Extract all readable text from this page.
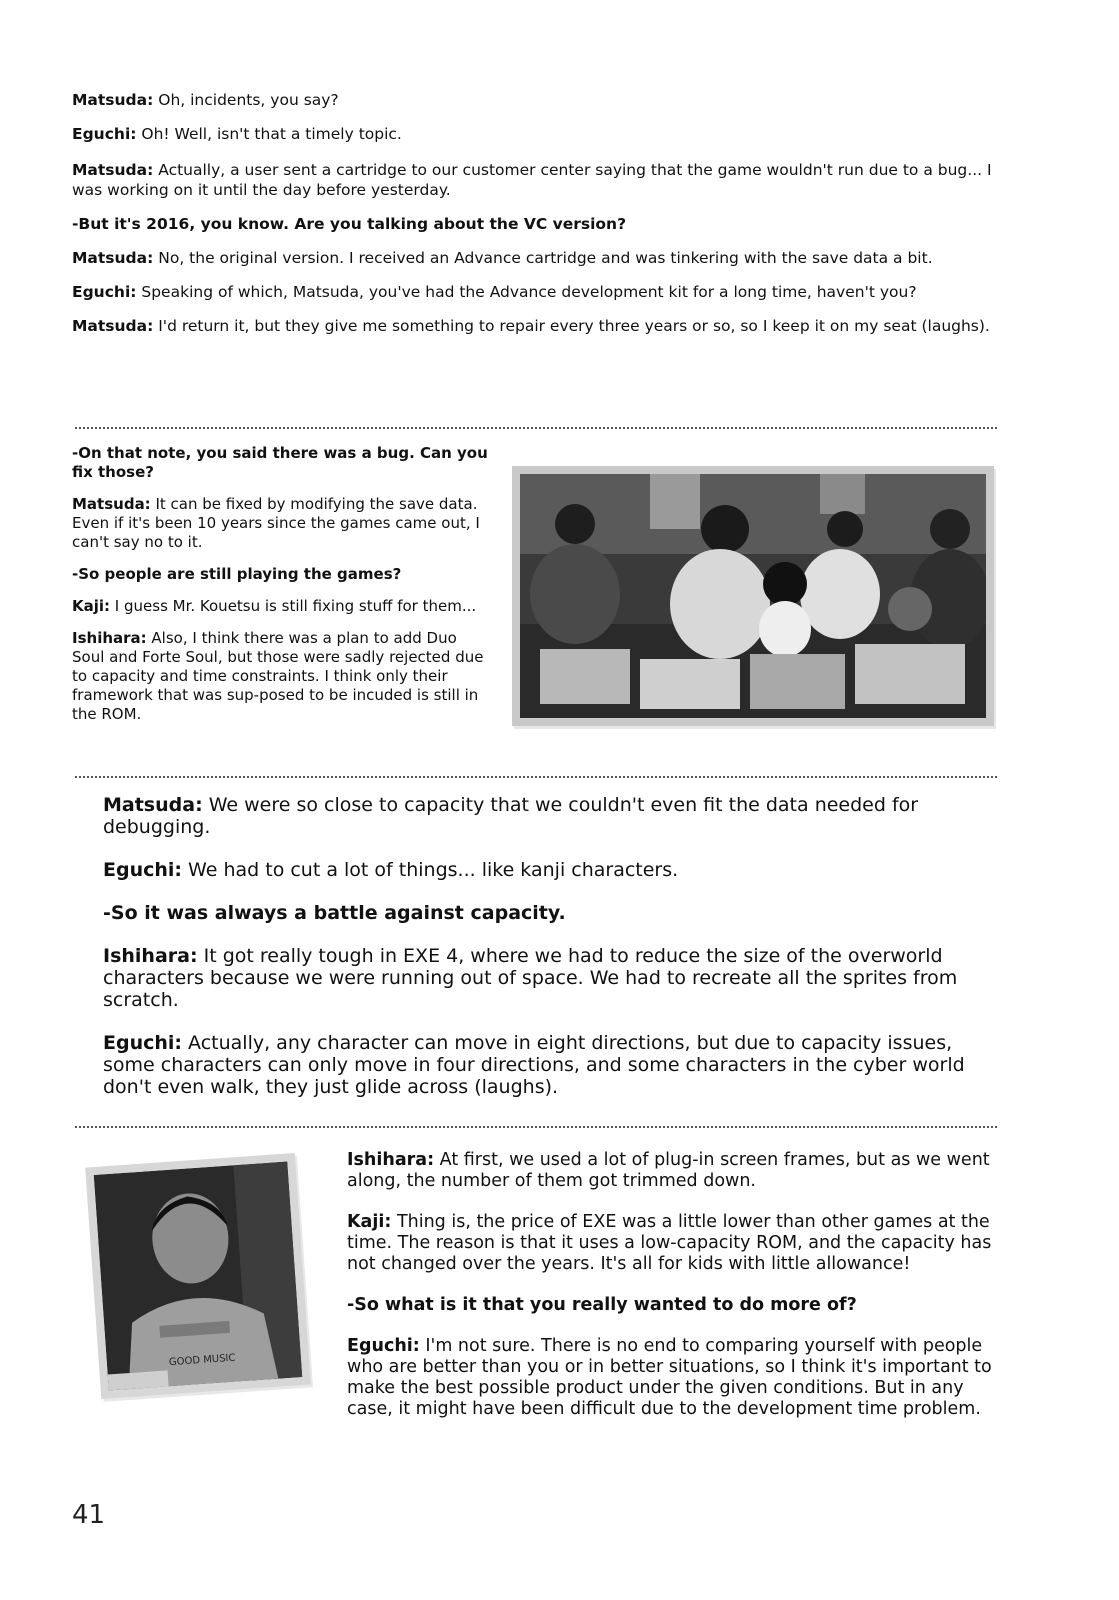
Matsuda: Oh, incidents, you say?

Eguchi: Oh! Well, isn't that a timely topic.

Matsuda: Actually, a user sent a cartridge to our customer center saying that the game wouldn't run due to a bug... I was working on it until the day before yesterday.

-But it's 2016, you know. Are you talking about the VC version?

Matsuda: No, the original version. I received an Advance cartridge and was tinkering with the save data a bit.

Eguchi: Speaking of which, Matsuda, you've had the Advance development kit for a long time, haven't you?

Matsuda: I'd return it, but they give me something to repair every three years or so, so I keep it on my seat (laughs).

-On that note, you said there was a bug. Can you fix those?

Matsuda: It can be fixed by modifying the save data. Even if it's been 10 years since the games came out, I can't say no to it.

-So people are still playing the games?

Kaji: I guess Mr. Kouetsu is still fixing stuff for them...

Ishihara: Also, I think there was a plan to add Duo Soul and Forte Soul, but those were sadly rejected due to capacity and time constraints. I think only their framework that was sup-posed to be incuded is still in the ROM.

Matsuda: We were so close to capacity that we couldn't even fit the data needed for debugging.

Eguchi: We had to cut a lot of things... like kanji characters.

-So it was always a battle against capacity.

Ishihara: It got really tough in EXE 4, where we had to reduce the size of the overworld characters because we were running out of space. We had to recreate all the sprites from scratch.

Eguchi: Actually, any character can move in eight directions, but due to capacity issues, some characters can only move in four directions, and some characters in the cyber world don't even walk, they just glide across (laughs).

GOOD MUSIC

Ishihara: At first, we used a lot of plug-in screen frames, but as we went along, the number of them got trimmed down.

Kaji: Thing is, the price of EXE was a little lower than other games at the time. The reason is that it uses a low-capacity ROM, and the capacity has not changed over the years. It's all for kids with little allowance!

-So what is it that you really wanted to do more of?

Eguchi: I'm not sure. There is no end to comparing yourself with people who are better than you or in better situations, so I think it's important to make the best possible product under the given conditions. But in any case, it might have been difficult due to the development time problem.

41
